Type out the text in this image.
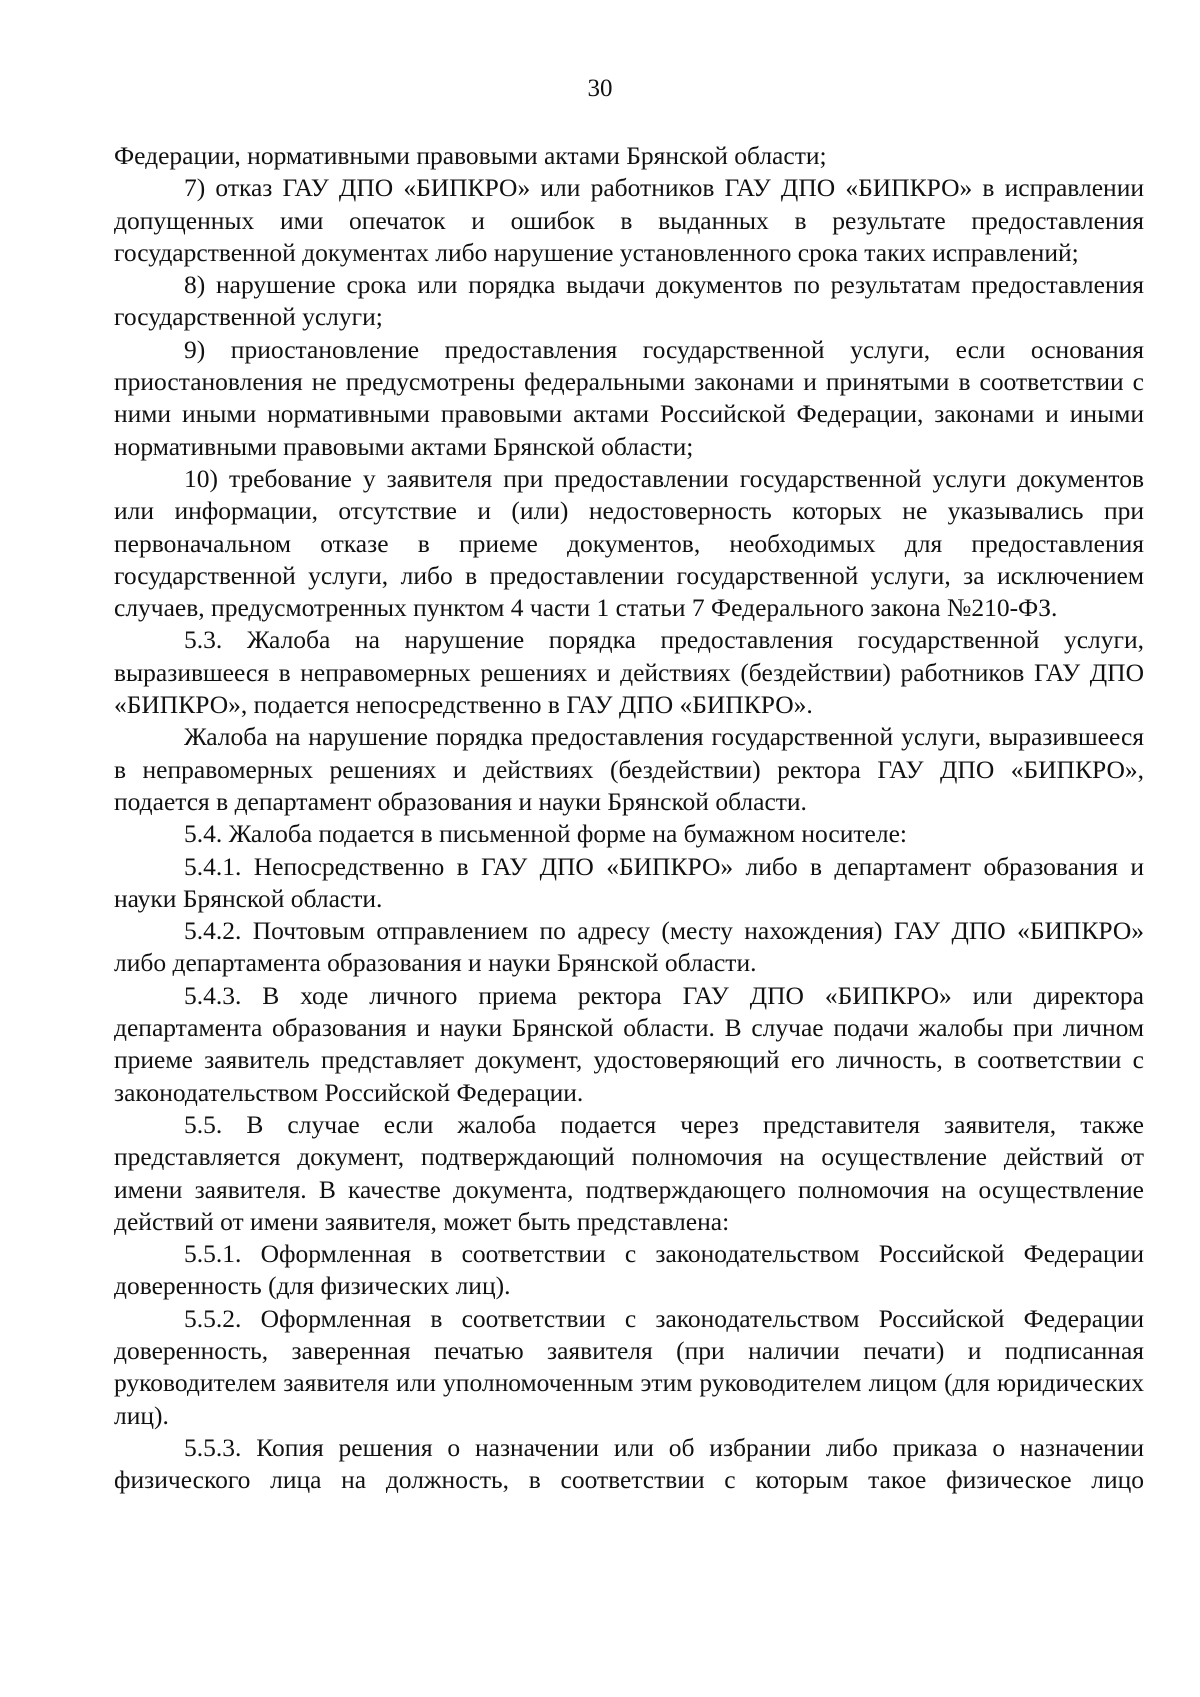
30

Федерации, нормативными правовыми актами Брянской области;

7) отказ ГАУ ДПО «БИПКРО» или работников ГАУ ДПО «БИПКРО» в исправлении допущенных ими опечаток и ошибок в выданных в результате предоставления государственной документах либо нарушение установленного срока таких исправлений;

8) нарушение срока или порядка выдачи документов по результатам предоставления государственной услуги;

9) приостановление предоставления государственной услуги, если основания приостановления не предусмотрены федеральными законами и принятыми в соответствии с ними иными нормативными правовыми актами Российской Федерации, законами и иными нормативными правовыми актами Брянской области;

10) требование у заявителя при предоставлении государственной услуги документов или информации, отсутствие и (или) недостоверность которых не указывались при первоначальном отказе в приеме документов, необходимых для предоставления государственной услуги, либо в предоставлении государственной услуги, за исключением случаев, предусмотренных пунктом 4 части 1 статьи 7 Федерального закона №210-ФЗ.

5.3. Жалоба на нарушение порядка предоставления государственной услуги, выразившееся в неправомерных решениях и действиях (бездействии) работников ГАУ ДПО «БИПКРО», подается непосредственно в ГАУ ДПО «БИПКРО».

Жалоба на нарушение порядка предоставления государственной услуги, выразившееся в неправомерных решениях и действиях (бездействии) ректора ГАУ ДПО «БИПКРО», подается в департамент образования и науки Брянской области.

5.4. Жалоба подается в письменной форме на бумажном носителе:

5.4.1. Непосредственно в ГАУ ДПО «БИПКРО» либо в департамент образования и науки Брянской области.

5.4.2. Почтовым отправлением по адресу (месту нахождения) ГАУ ДПО «БИПКРО» либо департамента образования и науки Брянской области.

5.4.3. В ходе личного приема ректора ГАУ ДПО «БИПКРО» или директора департамента образования и науки Брянской области. В случае подачи жалобы при личном приеме заявитель представляет документ, удостоверяющий его личность, в соответствии с законодательством Российской Федерации.

5.5. В случае если жалоба подается через представителя заявителя, также представляется документ, подтверждающий полномочия на осуществление действий от имени заявителя. В качестве документа, подтверждающего полномочия на осуществление действий от имени заявителя, может быть представлена:

5.5.1. Оформленная в соответствии с законодательством Российской Федерации доверенность (для физических лиц).

5.5.2. Оформленная в соответствии с законодательством Российской Федерации доверенность, заверенная печатью заявителя (при наличии печати) и подписанная руководителем заявителя или уполномоченным этим руководителем лицом (для юридических лиц).

5.5.3. Копия решения о назначении или об избрании либо приказа о назначении физического лица на должность, в соответствии с которым такое физическое лицо
